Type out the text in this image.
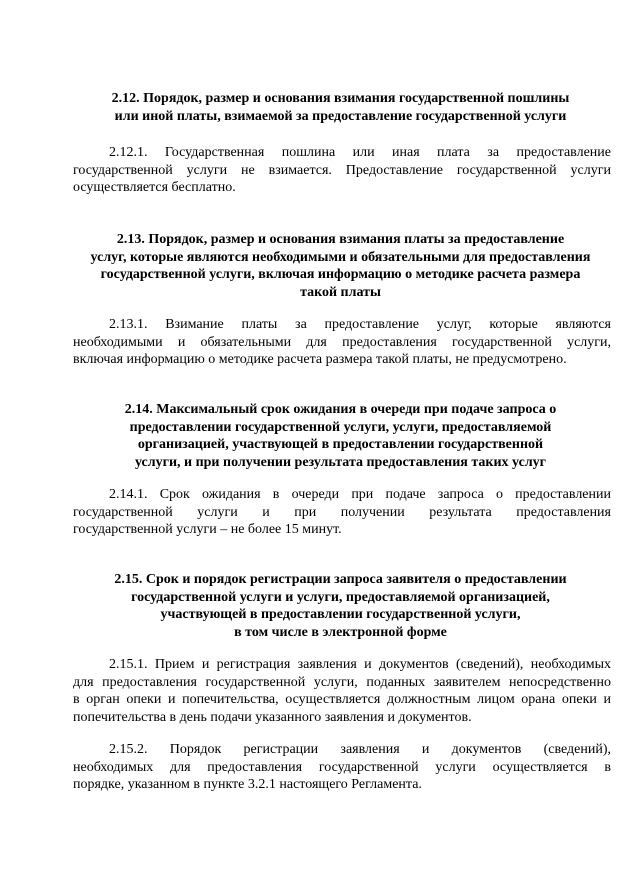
2.12. Порядок, размер и основания взимания государственной пошлины
или иной платы, взимаемой за предоставление государственной услуги
2.12.1. Государственная пошлина или иная плата за предоставление
государственной услуги не взимается. Предоставление государственной услуги
осуществляется бесплатно.
2.13. Порядок, размер и основания взимания платы за предоставление
услуг, которые являются необходимыми и обязательными для предоставления
государственной услуги, включая информацию о методике расчета размера
такой платы
2.13.1. Взимание платы за предоставление услуг, которые являются
необходимыми и обязательными для предоставления государственной услуги,
включая информацию о методике расчета размера такой платы, не предусмотрено.
2.14. Максимальный срок ожидания в очереди при подаче запроса о
предоставлении государственной услуги, услуги, предоставляемой
организацией, участвующей в предоставлении государственной
услуги, и при получении результата предоставления таких услуг
2.14.1. Срок ожидания в очереди при подаче запроса о предоставлении
государственной услуги и при получении результата предоставления
государственной услуги – не более 15 минут.
2.15. Срок и порядок регистрации запроса заявителя о предоставлении
государственной услуги и услуги, предоставляемой организацией,
участвующей в предоставлении государственной услуги,
в том числе в электронной форме
2.15.1. Прием и регистрация заявления и документов (сведений), необходимых
для предоставления государственной услуги, поданных заявителем непосредственно
в орган опеки и попечительства, осуществляется должностным лицом орана опеки и
попечительства в день подачи указанного заявления и документов.
2.15.2. Порядок регистрации заявления и документов (сведений),
необходимых для предоставления государственной услуги осуществляется в
порядке, указанном в пункте 3.2.1 настоящего Регламента.
